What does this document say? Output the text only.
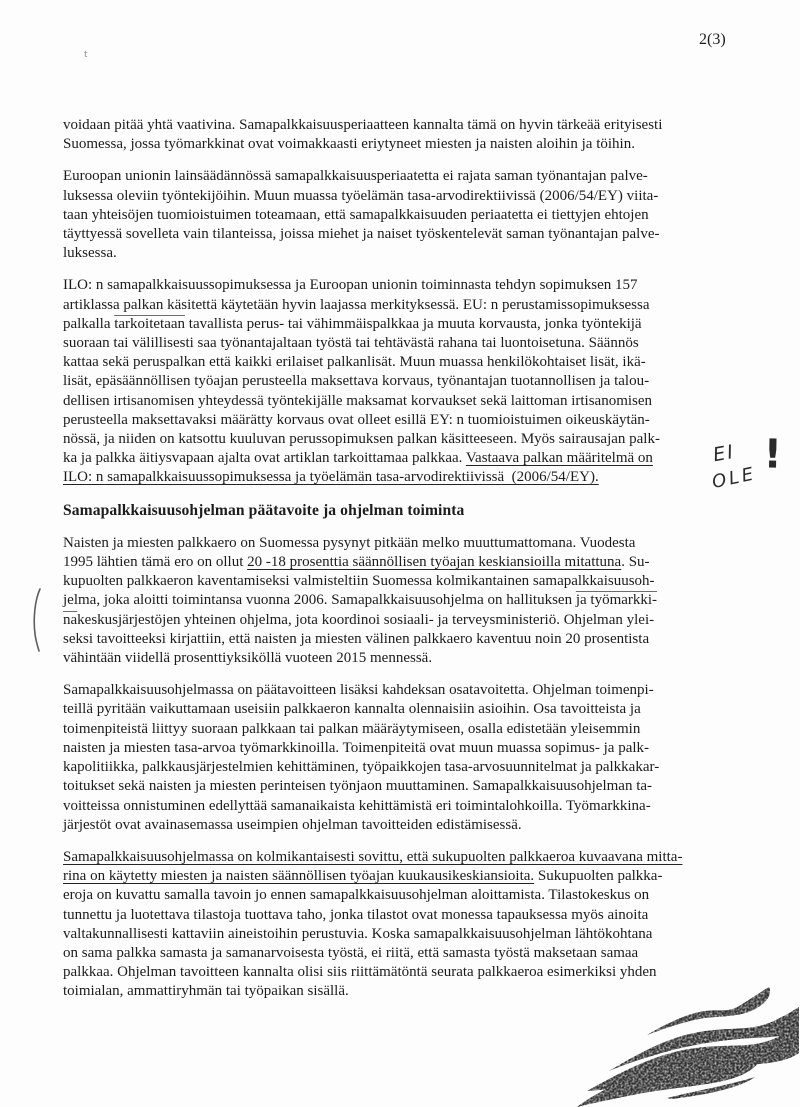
2(3)
t

voidaan pitää yhtä vaativina. Samapalkkaisuusperiaatteen kannalta tämä on hyvin tärkeää erityisesti
Suomessa, jossa työmarkkinat ovat voimakkaasti eriytyneet miesten ja naisten aloihin ja töihin.

Euroopan unionin lainsäädännössä samapalkkaisuusperiaatetta ei rajata saman työnantajan palve-
luksessa oleviin työntekijöihin. Muun muassa työelämän tasa-arvodirektiivissä (2006/54/EY) viita-
taan yhteisöjen tuomioistuimen toteamaan, että samapalkkaisuuden periaatetta ei tiettyjen ehtojen
täyttyessä sovelleta vain tilanteissa, joissa miehet ja naiset työskentelevät saman työnantajan palve-
luksessa.

ILO: n samapalkkaisuussopimuksessa ja Euroopan unionin toiminnasta tehdyn sopimuksen 157
artiklassa palkan käsitettä käytetään hyvin laajassa merkityksessä. EU: n perustamissopimuksessa
palkalla tarkoitetaan tavallista perus- tai vähimmäispalkkaa ja muuta korvausta, jonka työntekijä
suoraan tai välillisesti saa työnantajaltaan työstä tai tehtävästä rahana tai luontoisetuna. Säännös
kattaa sekä peruspalkan että kaikki erilaiset palkanlisät. Muun muassa henkilökohtaiset lisät, ikä-
lisät, epäsäännöllisen työajan perusteella maksettava korvaus, työnantajan tuotannollisen ja talou-
dellisen irtisanomisen yhteydessä työntekijälle maksamat korvaukset sekä laittoman irtisanomisen
perusteella maksettavaksi määrätty korvaus ovat olleet esillä EY: n tuomioistuimen oikeuskäytän-
nössä, ja niiden on katsottu kuuluvan perussopimuksen palkan käsitteeseen. Myös sairausajan palk-
ka ja palkka äitiysvapaan ajalta ovat artiklan tarkoittamaa palkkaa. Vastaava palkan määritelmä on
ILO: n samapalkkaisuussopimuksessa ja työelämän tasa-arvodirektiivissä  (2006/54/EY).

Samapalkkaisuusohjelman päätavoite ja ohjelman toiminta

Naisten ja miesten palkkaero on Suomessa pysynyt pitkään melko muuttumattomana. Vuodesta
1995 lähtien tämä ero on ollut 20 -18 prosenttia säännöllisen työajan keskiansioilla mitattuna. Su-
kupuolten palkkaeron kaventamiseksi valmisteltiin Suomessa kolmikantainen samapalkkaisuusoh-
jelma, joka aloitti toimintansa vuonna 2006. Samapalkkaisuusohjelma on hallituksen ja työmarkki-
nakeskusjärjestöjen yhteinen ohjelma, jota koordinoi sosiaali- ja terveysministeriö. Ohjelman ylei-
seksi tavoitteeksi kirjattiin, että naisten ja miesten välinen palkkaero kaventuu noin 20 prosentista
vähintään viidellä prosenttiyksiköllä vuoteen 2015 mennessä.

Samapalkkaisuusohjelmassa on päätavoitteen lisäksi kahdeksan osatavoitetta. Ohjelman toimenpi-
teillä pyritään vaikuttamaan useisiin palkkaeron kannalta olennaisiin asioihin. Osa tavoitteista ja
toimenpiteistä liittyy suoraan palkkaan tai palkan määräytymiseen, osalla edistetään yleisemmin
naisten ja miesten tasa-arvoa työmarkkinoilla. Toimenpiteitä ovat muun muassa sopimus- ja palk-
kapolitiikka, palkkausjärjestelmien kehittäminen, työpaikkojen tasa-arvosuunnitelmat ja palkkakar-
toitukset sekä naisten ja miesten perinteisen työnjaon muuttaminen. Samapalkkaisuusohjelman ta-
voitteissa onnistuminen edellyttää samanaikaista kehittämistä eri toimintalohkoilla. Työmarkkina-
järjestöt ovat avainasemassa useimpien ohjelman tavoitteiden edistämisessä.

Samapalkkaisuusohjelmassa on kolmikantaisesti sovittu, että sukupuolten palkkaeroa kuvaavana mitta-
rina on käytetty miesten ja naisten säännöllisen työajan kuukausikeskiansioita. Sukupuolten palkka-
eroja on kuvattu samalla tavoin jo ennen samapalkkaisuusohjelman aloittamista. Tilastokeskus on
tunnettu ja luotettava tilastoja tuottava taho, jonka tilastot ovat monessa tapauksessa myös ainoita
valtakunnallisesti kattaviin aineistoihin perustuvia. Koska samapalkkaisuusohjelman lähtökohtana
on sama palkka samasta ja samanarvoisesta työstä, ei riitä, että samasta työstä maksetaan samaa
palkkaa. Ohjelman tavoitteen kannalta olisi siis riittämätöntä seurata palkkaeroa esimerkiksi yhden
toimialan, ammattiryhmän tai työpaikan sisällä.

EI
OLE
!
